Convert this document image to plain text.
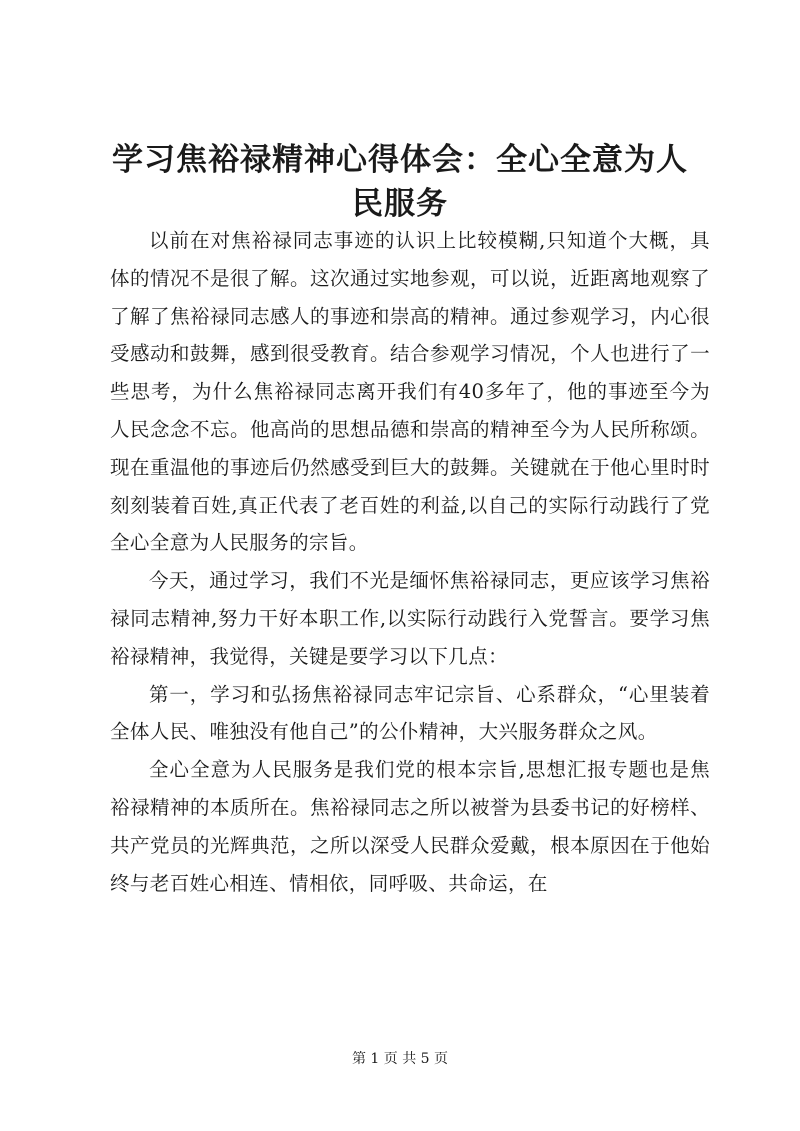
学习焦裕禄精神心得体会：全心全意为人民服务

以前在对焦裕禄同志事迹的认识上比较模糊,只知道个大概，具体的情况不是很了解。这次通过实地参观，可以说，近距离地观察了了解了焦裕禄同志感人的事迹和崇高的精神。通过参观学习，内心很受感动和鼓舞，感到很受教育。结合参观学习情况，个人也进行了一些思考，为什么焦裕禄同志离开我们有40多年了，他的事迹至今为人民念念不忘。他高尚的思想品德和崇高的精神至今为人民所称颂。现在重温他的事迹后仍然感受到巨大的鼓舞。关键就在于他心里时时刻刻装着百姓,真正代表了老百姓的利益,以自己的实际行动践行了党全心全意为人民服务的宗旨。

今天，通过学习，我们不光是缅怀焦裕禄同志，更应该学习焦裕禄同志精神,努力干好本职工作,以实际行动践行入党誓言。要学习焦裕禄精神，我觉得，关键是要学习以下几点：

第一，学习和弘扬焦裕禄同志牢记宗旨、心系群众，“心里装着全体人民、唯独没有他自己”的公仆精神，大兴服务群众之风。

全心全意为人民服务是我们党的根本宗旨,思想汇报专题也是焦裕禄精神的本质所在。焦裕禄同志之所以被誉为县委书记的好榜样、共产党员的光辉典范，之所以深受人民群众爱戴，根本原因在于他始终与老百姓心相连、情相依，同呼吸、共命运，在

第 1 页 共 5 页
